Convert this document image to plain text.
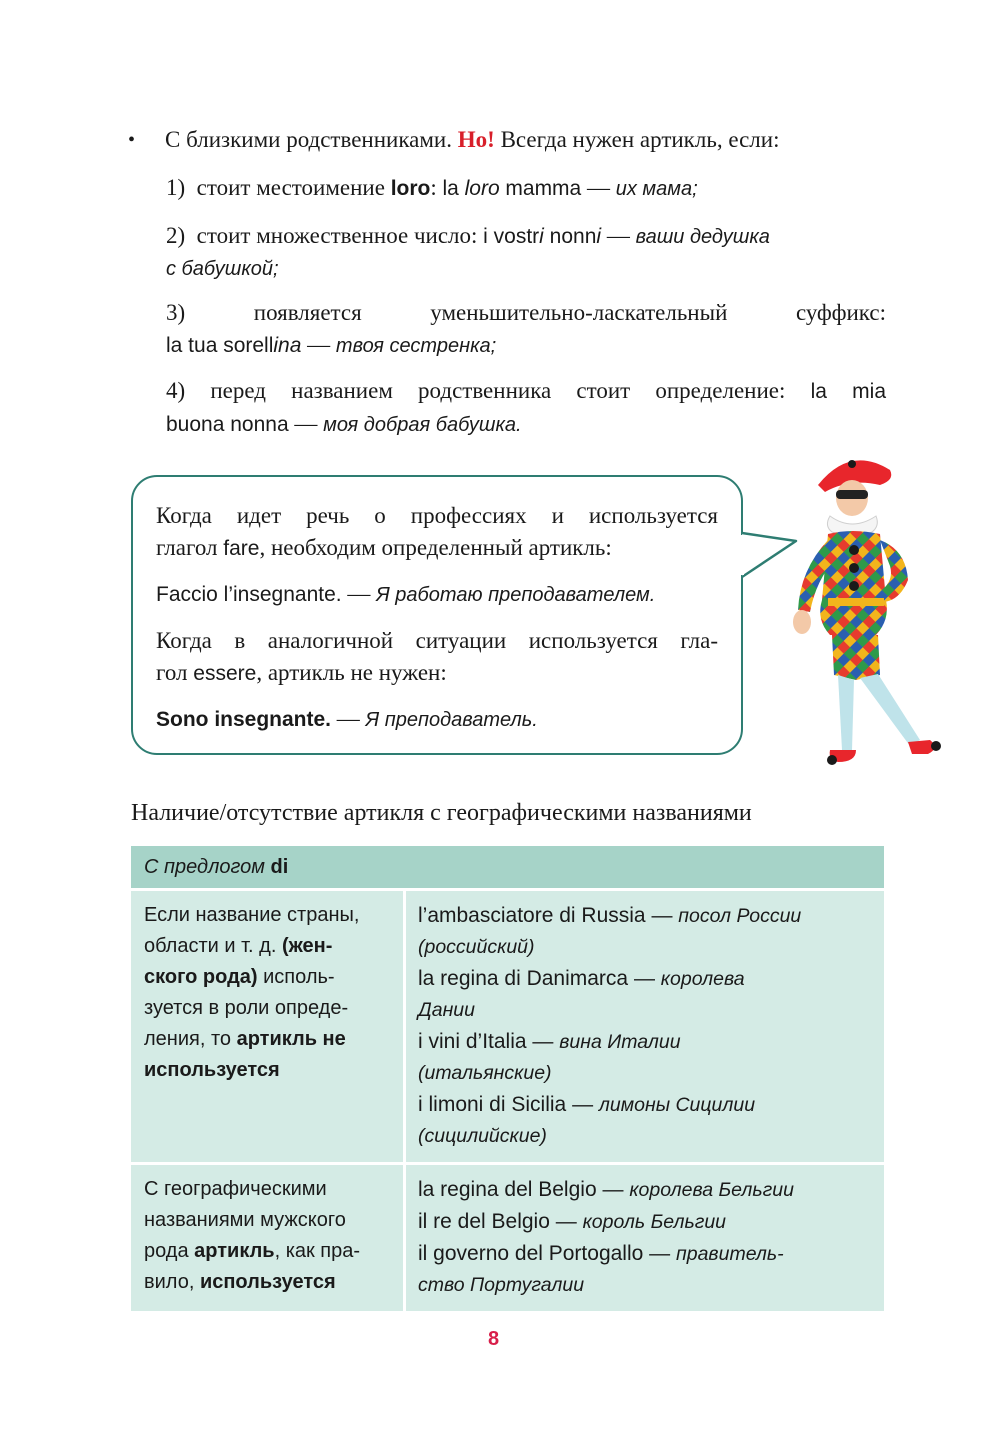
• С близкими родственниками. Но! Всегда нужен артикль, если:
1) стоит местоимение loro: la loro mamma — их мама;
2) стоит множественное число: i vostri nonni — ваши дедушка
с бабушкой;
3)	появляется уменьшительно-ласкательный суффикс:
la tua sorellina — твоя сестренка;
4) перед названием родственника стоит определение: la mia
buona nonna — моя добрая бабушка.
Когда идет речь о профессиях и используется
глагол fare, необходим определенный артикль:
Faccio l’insegnante. — Я работаю преподавателем.
Когда в аналогичной ситуации используется гла-
гол essere, артикль не нужен:
Sono insegnante. — Я преподаватель.
Наличие/отсутствие артикля с географическими названиями
С предлогом di
Если название страны,
области и т. д. (жен-
ского рода) исполь-
зуется в роли опреде-
ления, то артикль не
используется
l’ambasciatore di Russia — посол России
(российский)
la regina di Danimarca — королева
Дании
i vini d’Italia — вина Италии
(итальянские)
i limoni di Sicilia — лимоны Сицилии
(сицилийские)
С географическими
названиями мужского
рода артикль, как пра-
вило, используется
la regina del Belgio — королева Бельгии
il re del Belgio — король Бельгии
il governo del Portogallo — правитель-
ство Португалии
8
